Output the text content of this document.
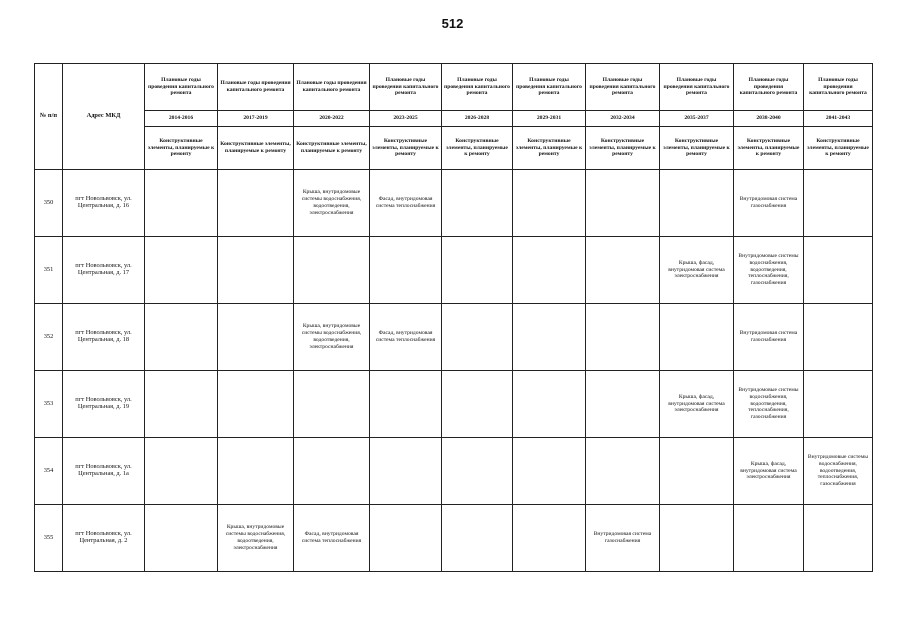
512
№ п/п	Адрес МКД	Плановые годы проведения капитального ремонта	Плановые годы проведения капитального ремонта	Плановые годы проведения капитального ремонта	Плановые годы проведения капитального ремонта	Плановые годы проведения капитального ремонта	Плановые годы проведения капитального ремонта	Плановые годы проведения капитального ремонта	Плановые годы проведения капитального ремонта	Плановые годы проведения капитального ремонта	Плановые годы проведения капитального ремонта
		2014-2016	2017-2019	2020-2022	2023-2025	2026-2028	2029-2031	2032-2034	2035-2037	2038-2040	2041-2043
		Конструктивные элементы, планируемые к ремонту	Конструктивные элементы, планируемые к ремонту	Конструктивные элементы, планируемые к ремонту	Конструктивные элементы, планируемые к ремонту	Конструктивные элементы, планируемые к ремонту	Конструктивные элементы, планируемые к ремонту	Конструктивные элементы, планируемые к ремонту	Конструктивные элементы, планируемые к ремонту	Конструктивные элементы, планируемые к ремонту	Конструктивные элементы, планируемые к ремонту
350	пгт Новольвовск, ул. Центральная, д. 16			Крыша, внутридомовые системы водоснабжения, водоотведения, электроснабжения	Фасад, внутридомовая система теплоснабжения					Внутридомовая система газоснабжения	
351	пгт Новольвовск, ул. Центральная, д. 17								Крыша, фасад, внутридомовая система электроснабжения	Внутридомовые системы водоснабжения, водоотведения, теплоснабжения, газоснабжения	
352	пгт Новольвовск, ул. Центральная, д. 18			Крыша, внутридомовые системы водоснабжения, водоотведения, электроснабжения	Фасад, внутридомовая система теплоснабжения					Внутридомовая система газоснабжения	
353	пгт Новольвовск, ул. Центральная, д. 19								Крыша, фасад, внутридомовая система электроснабжения	Внутридомовые системы водоснабжения, водоотведения, теплоснабжения, газоснабжения	
354	пгт Новольвовск, ул. Центральная, д. 1а									Крыша, фасад, внутридомовая система электроснабжения	Внутридомовые системы водоснабжения, водоотведения, теплоснабжения, газоснабжения
355	пгт Новольвовск, ул. Центральная, д. 2		Крыша, внутридомовые системы водоснабжения, водоотведения, электроснабжения	Фасад, внутридомовая система теплоснабжения				Внутридомовая система газоснабжения			
